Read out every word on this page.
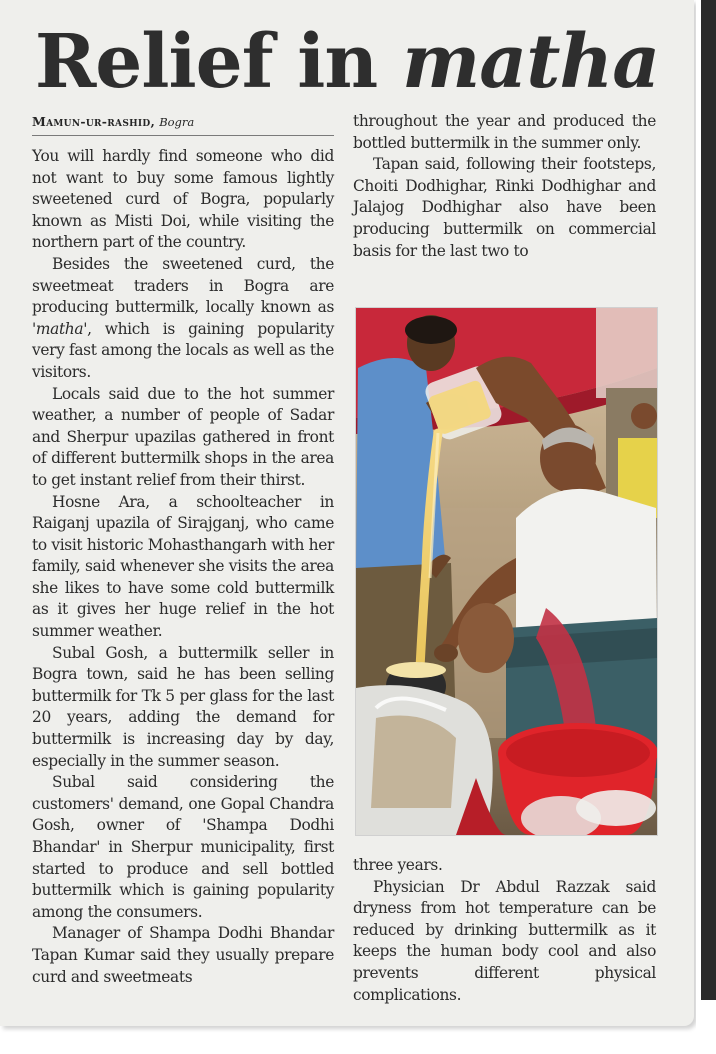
Relief in matha
Mamun-ur-rashid, Bogra

You will hardly find someone who did not want to buy some famous lightly sweetened curd of Bogra, popularly known as Misti Doi, while visiting the northern part of the country.

Besides the sweetened curd, the sweetmeat traders in Bogra are producing buttermilk, locally known as 'matha', which is gaining popularity very fast among the locals as well as the visitors.

Locals said due to the hot summer weather, a number of people of Sadar and Sherpur upazilas gathered in front of different buttermilk shops in the area to get instant relief from their thirst.

Hosne Ara, a schoolteacher in Raiganj upazila of Sirajganj, who came to visit historic Mohasthangarh with her family, said whenever she visits the area she likes to have some cold buttermilk as it gives her huge relief in the hot summer weather.

Subal Gosh, a buttermilk seller in Bogra town, said he has been selling buttermilk for Tk 5 per glass for the last 20 years, adding the demand for buttermilk is increasing day by day, especially in the summer season.

Subal said considering the customers' demand, one Gopal Chandra Gosh, owner of 'Shampa Dodhi Bhandar' in Sherpur municipality, first started to produce and sell bottled buttermilk which is gaining popularity among the consumers.

Manager of Shampa Dodhi Bhandar Tapan Kumar said they usually prepare curd and sweetmeats

throughout the year and produced the bottled buttermilk in the summer only.

Tapan said, following their footsteps, Choiti Dodhighar, Rinki Dodhighar and Jalajog Dodhighar also have been producing buttermilk on commercial basis for the last two to

three years.

Physician Dr Abdul Razzak said dryness from hot temperature can be reduced by drinking buttermilk as it keeps the human body cool and also prevents different physical complications.
